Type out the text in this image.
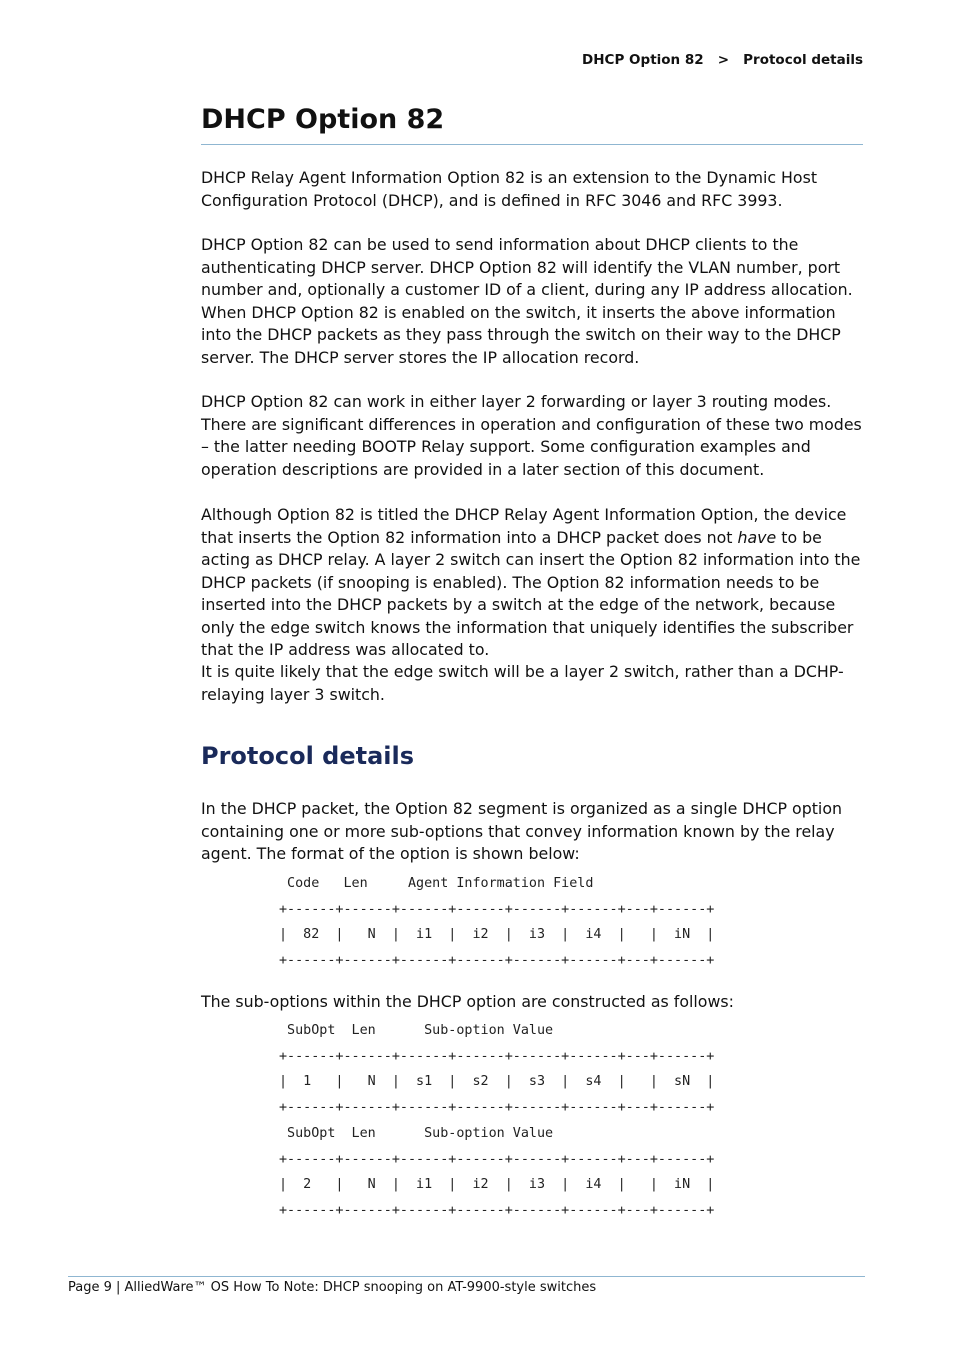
DHCP Option 82   >   Protocol details
DHCP Option 82

DHCP Relay Agent Information Option 82 is an extension to the Dynamic Host Configuration Protocol (DHCP), and is defined in RFC 3046 and RFC 3993.

DHCP Option 82 can be used to send information about DHCP clients to the authenticating DHCP server. DHCP Option 82 will identify the VLAN number, port number and, optionally a customer ID of a client, during any IP address allocation. When DHCP Option 82 is enabled on the switch, it inserts the above information into the DHCP packets as they pass through the switch on their way to the DHCP server. The DHCP server stores the IP allocation record.

DHCP Option 82 can work in either layer 2 forwarding or layer 3 routing modes. There are significant differences in operation and configuration of these two modes – the latter needing BOOTP Relay support. Some configuration examples and operation descriptions are provided in a later section of this document.

Although Option 82 is titled the DHCP Relay Agent Information Option, the device that inserts the Option 82 information into a DHCP packet does not have to be acting as DHCP relay. A layer 2 switch can insert the Option 82 information into the DHCP packets (if snooping is enabled). The Option 82 information needs to be inserted into the DHCP packets by a switch at the edge of the network, because only the edge switch knows the information that uniquely identifies the subscriber that the IP address was allocated to.

It is quite likely that the edge switch will be a layer 2 switch, rather than a DCHP-relaying layer 3 switch.

Protocol details

In the DHCP packet, the Option 82 segment is organized as a single DHCP option containing one or more sub-options that convey information known by the relay agent. The format of the option is shown below:

Code   Len     Agent Information Field
+------+------+------+------+------+------+---+------+
|  82  |   N  |  i1  |  i2  |  i3  |  i4  |   |  iN  |
+------+------+------+------+------+------+---+------+

The sub-options within the DHCP option are constructed as follows:

SubOpt  Len      Sub-option Value
+------+------+------+------+------+------+---+------+
|  1   |   N  |  s1  |  s2  |  s3  |  s4  |   |  sN  |
+------+------+------+------+------+------+---+------+
SubOpt  Len      Sub-option Value
+------+------+------+------+------+------+---+------+
|  2   |   N  |  i1  |  i2  |  i3  |  i4  |   |  iN  |
+------+------+------+------+------+------+---+------+
Page 9 | AlliedWare™ OS How To Note: DHCP snooping on AT-9900-style switches
